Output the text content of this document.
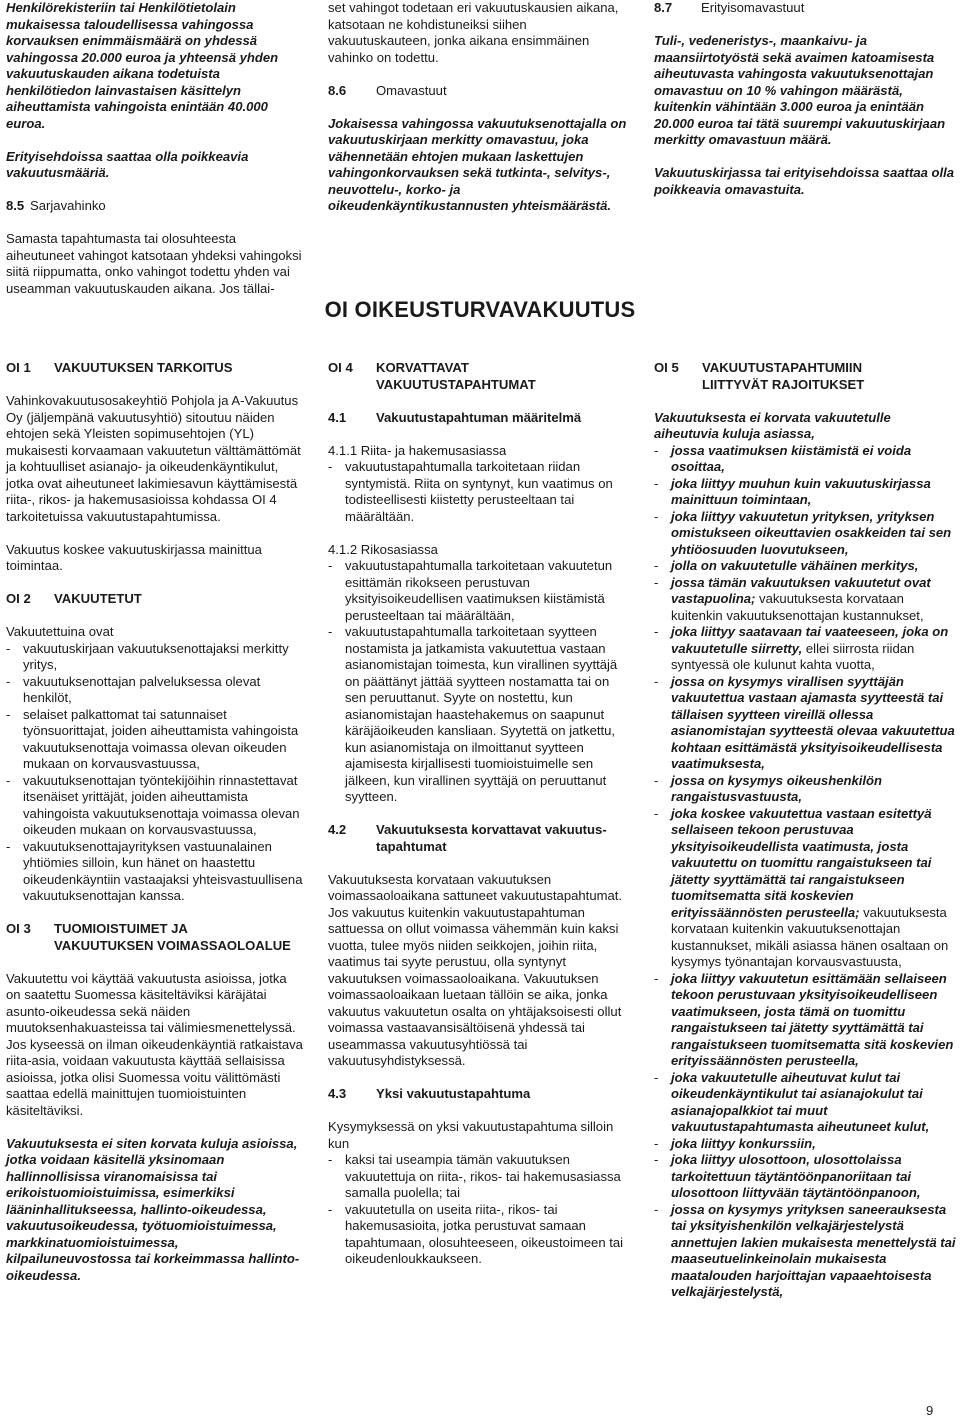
Henkilörekisteriin tai Henkilötietolain mukaisessa taloudellisessa vahingossa korvauksen enimmäismäärä on yhdessä vahingossa 20.000 euroa ja yhteensä yhden vakuutuskauden aikana todetuista henkilötiedon lainvastaisen käsittelyn aiheuttamista vahingoista enintään 40.000 euroa.

Erityisehdoissa saattaa olla poikkeavia vakuutusmääriä.

8.5 Sarjavahinko

Samasta tapahtumasta tai olosuhteesta aiheutuneet vahingot katsotaan yhdeksi vahingoksi siitä riippumatta, onko vahingot todettu yhden vai useamman vakuutuskauden aikana. Jos tällai-

set vahingot todetaan eri vakuutuskausien aikana, katsotaan ne kohdistuneiksi siihen vakuutuskauteen, jonka aikana ensimmäinen vahinko on todettu.

8.6	Omavastuut

Jokaisessa vahingossa vakuutuksenottajalla on vakuutuskirjaan merkitty omavastuu, joka vähennetään ehtojen mukaan laskettujen vahingonkorvauksen sekä tutkinta-, selvitys-, neuvottelu-, korko- ja oikeudenkäyntikustannusten yhteismäärästä.

8.7	Erityisomavastuut

Tuli-, vedeneristys-, maankaivu- ja maansiirtotyöstä sekä avaimen katoamisesta aiheutuvasta vahingosta vakuutuksenottajan omavastuu on 10 % vahingon määrästä, kuitenkin vähintään 3.000 euroa ja enintään 20.000 euroa tai tätä suurempi vakuutuskirjaan merkitty omavastuun määrä.

Vakuutuskirjassa tai erityisehdoissa saattaa olla poikkeavia omavastuita.

OI OIKEUSTURVAVAKUUTUS
OI 1	VAKUUTUKSEN TARKOITUS

Vahinkovakuutusosakeyhtiö Pohjola ja A-Vakuutus Oy (jäljempänä vakuutusyhtiö) sitoutuu näiden ehtojen sekä Yleisten sopimusehtojen (YL) mukaisesti korvaamaan vakuutetun välttämättömät ja kohtuulliset asianajo- ja oikeudenkäyntikulut, jotka ovat aiheutuneet lakimiesavun käyttämisestä riita-, rikos- ja hakemusasioissa kohdassa OI 4 tarkoitetuissa vakuutustapahtumissa.

Vakuutus koskee vakuutuskirjassa mainittua toimintaa.

OI 2	VAKUUTETUT
Vakuutettuina ovat
- vakuutuskirjaan vakuutuksenottajaksi merkitty yritys,
- vakuutuksenottajan palveluksessa olevat henkilöt,
- selaiset palkattomat tai satunnaiset työnsuorittajat, joiden aiheuttamista vahingoista vakuutuksenottaja voimassa olevan oikeuden mukaan on korvausvastuussa,
- vakuutuksenottajan työntekijöihin rinnastettavat itsenäiset yrittäjät, joiden aiheuttamista vahingoista vakuutuksenottaja voimassa olevan oikeuden mukaan on korvausvastuussa,
- vakuutuksenottajayrityksen vastuunalainen yhtiömies silloin, kun hänet on haastettu oikeudenkäyntiin vastaajaksi yhteisvastuullisena vakuutuksenottajan kanssa.
OI 3	TUOMIOISTUIMET JA
VAKUUTUKSEN VOIMASSAOLOALUE

Vakuutettu voi käyttää vakuutusta asioissa, jotka on saatettu Suomessa käsiteltäviksi käräjätai asunto-oikeudessa sekä näiden muutoksenhakuasteissa tai välimiesmenettelyssä. Jos kyseessä on ilman oikeudenkäyntiä ratkaistava riita-asia, voidaan vakuutusta käyttää sellaisissa asioissa, jotka olisi Suomessa voitu välittömästi saattaa edellä mainittujen tuomioistuinten käsiteltäviksi.

Vakuutuksesta ei siten korvata kuluja asioissa, jotka voidaan käsitellä yksinomaan hallinnollisissa viranomaisissa tai erikoistuomioistuimissa, esimerkiksi lääninhallitukseessa, hallinto-oikeudessa, vakuutusoikeudessa, työtuomioistuimessa, markkinatuomioistuimessa, kilpailuneuvostossa tai korkeimmassa hallinto-oikeudessa.

OI 4	KORVATTAVAT
VAKUUTUSTAPAHTUMAT
4.1	Vakuutustapahtuman määritelmä
4.1.1 Riita- ja hakemusasiassa
- vakuutustapahtumalla tarkoitetaan riidan syntymistä. Riita on syntynyt, kun vaatimus on todisteellisesti kiistetty perusteeltaan tai määrältään.
4.1.2 Rikosasiassa
- vakuutustapahtumalla tarkoitetaan vakuutetun esittämän rikokseen perustuvan yksityisoikeudellisen vaatimuksen kiistämistä perusteeltaan tai määrältään,
- vakuutustapahtumalla tarkoitetaan syytteen nostamista ja jatkamista vakuutettua vastaan asianomistajan toimesta, kun virallinen syyttäjä on päättänyt jättää syytteen nostamatta tai on sen peruuttanut. Syyte on nostettu, kun asianomistajan haastehakemus on saapunut käräjäoikeuden kansliaan. Syytettä on jatkettu, kun asianomistaja on ilmoittanut syytteen ajamisesta kirjallisesti tuomioistuimelle sen jälkeen, kun virallinen syyttäjä on peruuttanut syytteen.
4.2	Vakuutuksesta korvattavat vakuutus-
tapahtumat

Vakuutuksesta korvataan vakuutuksen voimassaoloaikana sattuneet vakuutustapahtumat. Jos vakuutus kuitenkin vakuutustapahtuman sattuessa on ollut voimassa vähemmän kuin kaksi vuotta, tulee myös niiden seikkojen, joihin riita, vaatimus tai syyte perustuu, olla syntynyt vakuutuksen voimassaoloaikana. Vakuutuksen voimassaoloaikaan luetaan tällöin se aika, jonka vakuutus vakuutetun osalta on yhtäjaksoisesti ollut voimassa vastaavansisältöisenä yhdessä tai useammassa vakuutusyhtiössä tai vakuutusyhdistyksessä.

4.3	Yksi vakuutustapahtuma
Kysymyksessä on yksi vakuutustapahtuma silloin kun
- kaksi tai useampia tämän vakuutuksen vakuutettuja on riita-, rikos- tai hakemusasiassa samalla puolella; tai
- vakuutetulla on useita riita-, rikos- tai hakemusasioita, jotka perustuvat samaan tapahtumaan, olosuhteeseen, oikeustoimeen tai oikeudenloukkaukseen.
OI 5	VAKUUTUSTAPAHTUMIIN
LIITTYVÄT RAJOITUKSET
Vakuutuksesta ei korvata vakuutetulle aiheutuvia kuluja asiassa,
- jossa vaatimuksen kiistämistä ei voida osoittaa,
- joka liittyy muuhun kuin vakuutuskirjassa mainittuun toimintaan,
- joka liittyy vakuutetun yrityksen, yrityksen omistukseen oikeuttavien osakkeiden tai sen yhtiöosuuden luovutukseen,
- jolla on vakuutetulle vähäinen merkitys,
- jossa tämän vakuutuksen vakuutetut ovat vastapuolina; vakuutuksesta korvataan kuitenkin vakuutuksenottajan kustannukset,
- joka liittyy saatavaan tai vaateeseen, joka on vakuutetulle siirretty, ellei siirrosta riidan syntyessä ole kulunut kahta vuotta,
- jossa on kysymys virallisen syyttäjän vakuutettua vastaan ajamasta syytteestä tai tällaisen syytteen vireillä ollessa asianomistajan syytteestä olevaa vakuutettua kohtaan esittämästä yksityisoikeudellisesta vaatimuksesta,
- jossa on kysymys oikeushenkilön rangaistusvastuusta,
- joka koskee vakuutettua vastaan esitettyä sellaiseen tekoon perustuvaa yksityisoikeudellista vaatimusta, josta vakuutettu on tuomittu rangaistukseen tai jätetty syyttämättä tai rangaistukseen tuomitsematta sitä koskevien erityissäännösten perusteella; vakuutuksesta korvataan kuitenkin vakuutuksenottajan kustannukset, mikäli asiassa hänen osaltaan on kysymys työnantajan korvausvastuusta,
- joka liittyy vakuutetun esittämään sellaiseen tekoon perustuvaan yksityisoikeudelliseen vaatimukseen, josta tämä on tuomittu rangaistukseen tai jätetty syyttämättä tai rangaistukseen tuomitsematta sitä koskevien erityissäännösten perusteella,
- joka vakuutetulle aiheutuvat kulut tai oikeudenkäyntikulut tai asianajokulut tai asianajopalkkiot tai muut vakuutustapahtumasta aiheutuneet kulut,
- joka liittyy konkurssiin,
- joka liittyy ulosottoon, ulosottolaissa tarkoitettuun täytäntöönpanoriitaan tai ulosottoon liittyvään täytäntöönpanoon,
- jossa on kysymys yrityksen saneerauksesta tai yksityishenkilön velkajärjestelystä annettujen lakien mukaisesta menettelystä tai maaseutuelinkeinolain mukaisesta maatalouden harjoittajan vapaaehtoisesta velkajärjestelystä,
9
